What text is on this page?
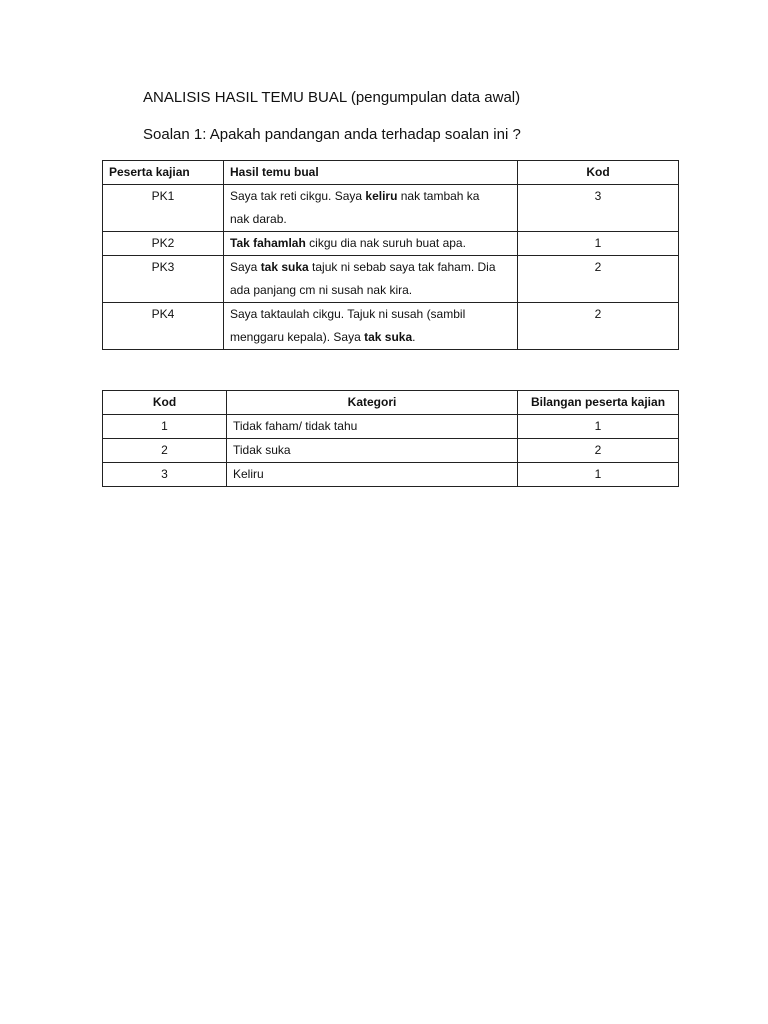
ANALISIS HASIL TEMU BUAL (pengumpulan data awal)
Soalan 1: Apakah pandangan anda terhadap soalan ini ?
Peserta kajian	Hasil temu bual	Kod
PK1	Saya tak reti cikgu. Saya keliru nak tambah ka
nak darab.	3
PK2	Tak fahamlah cikgu dia nak suruh buat apa.	1
PK3	Saya tak suka tajuk ni sebab saya tak faham. Dia
ada panjang cm ni susah nak kira.	2
PK4	Saya taktaulah cikgu. Tajuk ni susah (sambil
menggaru kepala). Saya tak suka.	2
Kod	Kategori	Bilangan peserta kajian
1	Tidak faham/ tidak tahu	1
2	Tidak suka	2
3	Keliru	1
